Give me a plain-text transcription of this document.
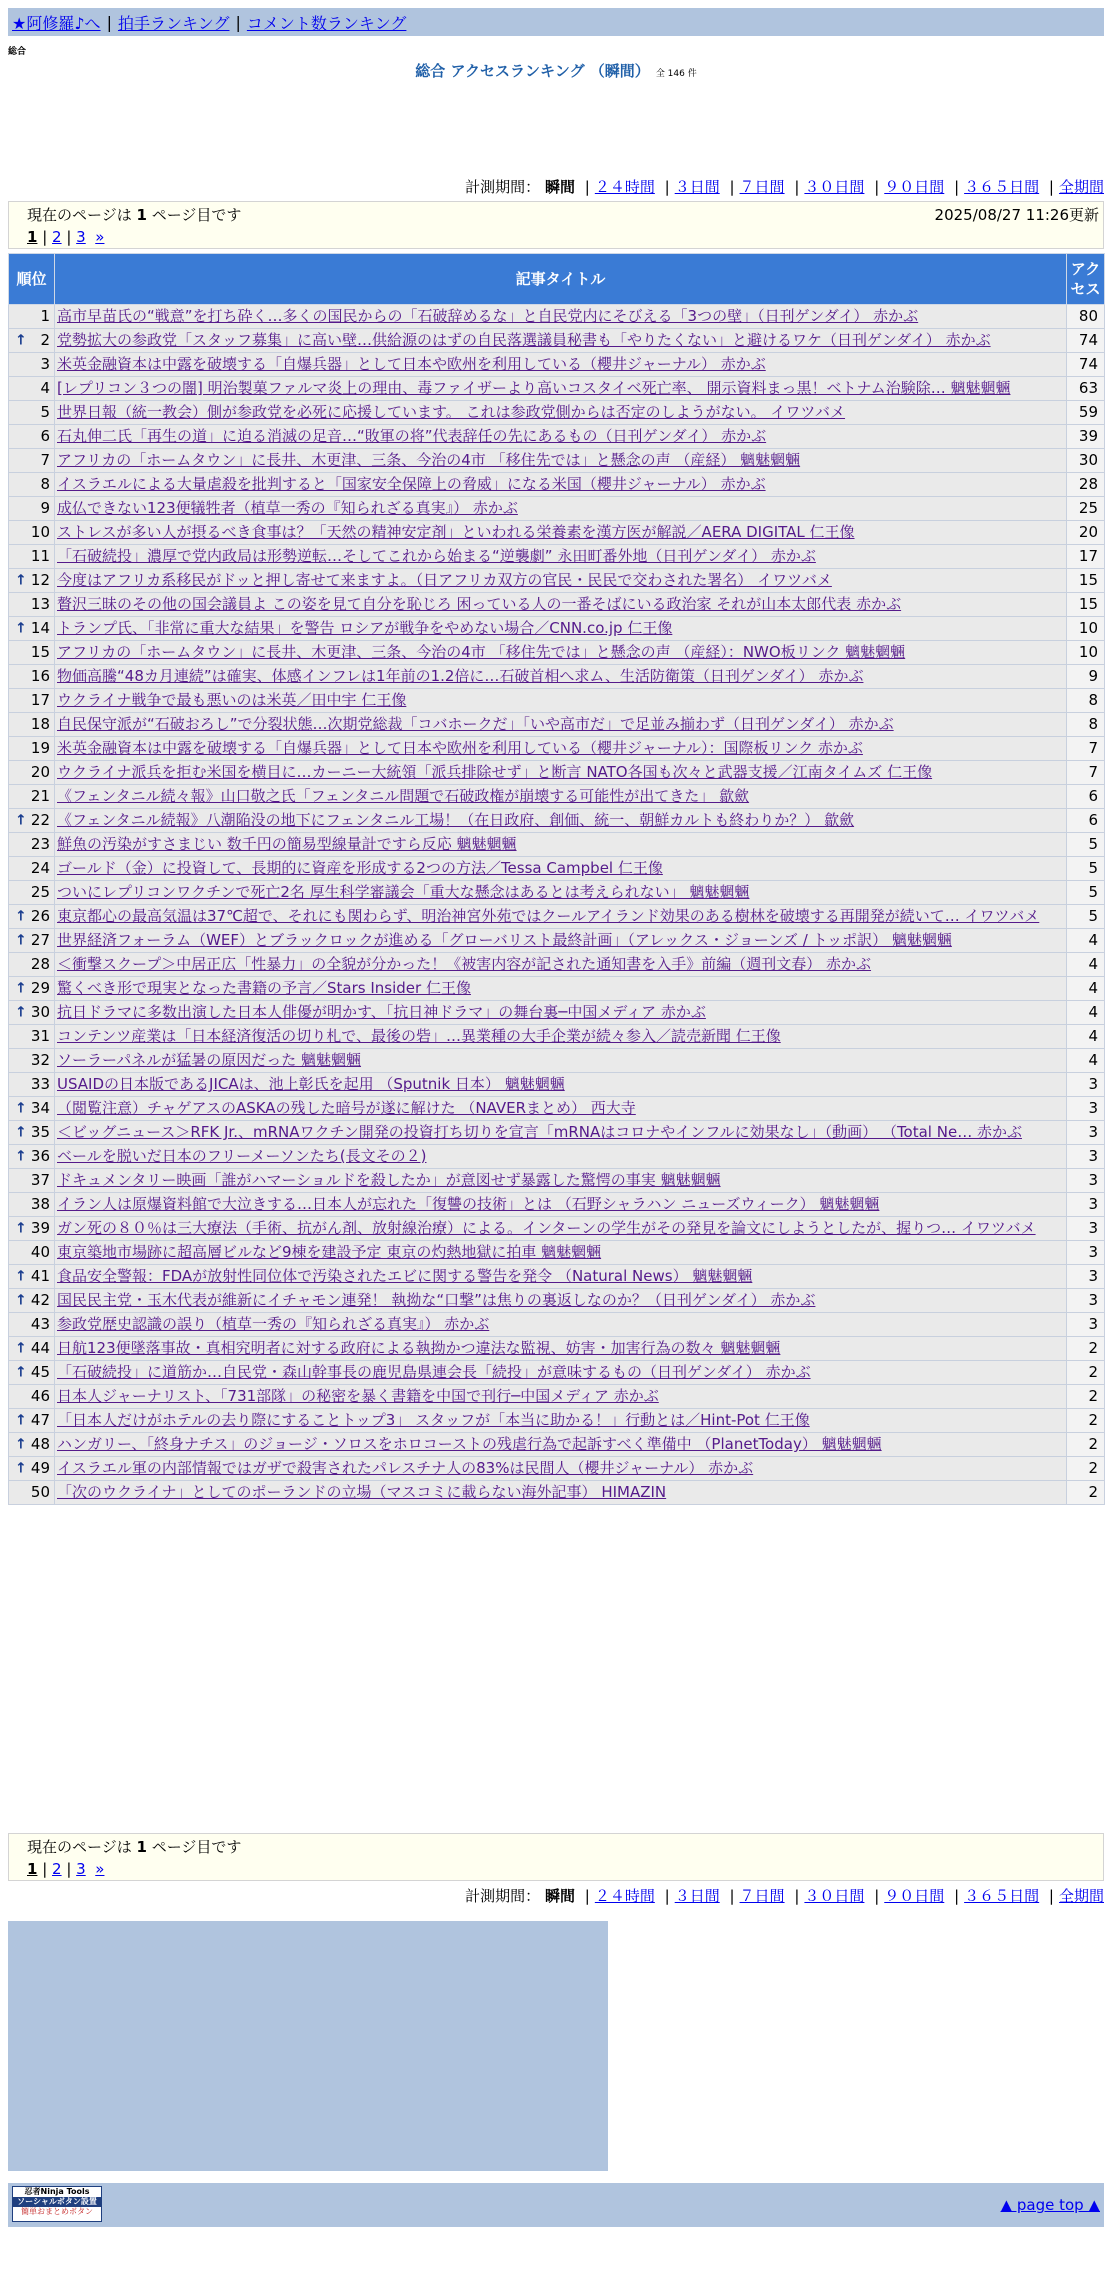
★阿修羅♪へ | 拍手ランキング | コメント数ランキング
総合
総合 アクセスランキング （瞬間） 全 146 件
計測期間： 瞬間 | ２４時間 | ３日間 | ７日間 | ３０日間 | ９０日間 | ３６５日間 | 全期間
現在のページは 1 ページ目です	2025/08/27 11:26更新
1 | 2 | 3 »
順位	記事タイトル	アクセス
1	高市早苗氏の“戦意”を打ち砕く…多くの国民からの「石破辞めるな」と自民党内にそびえる「3つの壁」（日刊ゲンダイ） 赤かぶ	80

↑ 2	党勢拡大の参政党「スタッフ募集」に高い壁…供給源のはずの自民落選議員秘書も「やりたくない」と避けるワケ（日刊ゲンダイ） 赤かぶ	74
3	米英金融資本は中露を破壊する「自爆兵器」として日本や欧州を利用している（櫻井ジャーナル） 赤かぶ	74
4	[レプリコン３つの闇] 明治製菓ファルマ炎上の理由、毒ファイザーより高いコスタイベ死亡率、 開示資料まっ黒！ベトナム治験除… 魑魅魍魎	63
5	世界日報（統一教会）側が参政党を必死に応援しています。 これは参政党側からは否定のしようがない。 イワツバメ	59
6	石丸伸二氏「再生の道」に迫る消滅の足音…“敗軍の将”代表辞任の先にあるもの（日刊ゲンダイ） 赤かぶ	39
7	アフリカの「ホームタウン」に長井、木更津、三条、今治の4市 「移住先では」と懸念の声 （産経） 魑魅魍魎	30
8	イスラエルによる大量虐殺を批判すると「国家安全保障上の脅威」になる米国（櫻井ジャーナル） 赤かぶ	28
9	成仏できない123便犠牲者（植草一秀の『知られざる真実』） 赤かぶ	25
10	ストレスが多い人が摂るべき食事は？「天然の精神安定剤」といわれる栄養素を漢方医が解説／AERA DIGITAL 仁王像	20
11	「石破続投」濃厚で党内政局は形勢逆転…そしてこれから始まる“逆襲劇” 永田町番外地（日刊ゲンダイ） 赤かぶ	17

↑ 12	今度はアフリカ系移民がドッと押し寄せて来ますよ。（日アフリカ双方の官民・民民で交わされた署名） イワツバメ	15
13	贅沢三昧のその他の国会議員よ この姿を見て自分を恥じろ 困っている人の一番そばにいる政治家 それが山本太郎代表 赤かぶ	15

↑ 14	トランプ氏、「非常に重大な結果」を警告 ロシアが戦争をやめない場合／CNN.co.jp 仁王像	10
15	アフリカの「ホームタウン」に長井、木更津、三条、今治の4市 「移住先では」と懸念の声 （産経）：NWO板リンク 魑魅魍魎	10
16	物価高騰“48カ月連続”は確実、体感インフレは1年前の1.2倍に…石破首相へ求ム、生活防衛策（日刊ゲンダイ） 赤かぶ	9
17	ウクライナ戦争で最も悪いのは米英／田中宇 仁王像	8
18	自民保守派が“石破おろし”で分裂状態…次期党総裁「コバホークだ」「いや高市だ」で足並み揃わず（日刊ゲンダイ） 赤かぶ	8
19	米英金融資本は中露を破壊する「自爆兵器」として日本や欧州を利用している（櫻井ジャーナル）：国際板リンク 赤かぶ	7
20	ウクライナ派兵を拒む米国を横目に…カーニー大統領「派兵排除せず」と断言 NATO各国も次々と武器支援／江南タイムズ 仁王像	7
21	《フェンタニル続々報》山口敬之氏「フェンタニル問題で石破政権が崩壊する可能性が出てきた」 歙歛	6

↑ 22	《フェンタニル続報》八潮陥没の地下にフェンタニル工場！（在日政府、創価、統一、朝鮮カルトも終わりか？） 歙歛	6
23	鮮魚の汚染がすさまじい 数千円の簡易型線量計ですら反応 魑魅魍魎	5
24	ゴールド（金）に投資して、長期的に資産を形成する2つの方法／Tessa Campbel 仁王像	5
25	ついにレプリコンワクチンで死亡2名 厚生科学審議会「重大な懸念はあるとは考えられない」 魑魅魍魎	5

↑ 26	東京都心の最高気温は37℃超で、それにも関わらず、明治神宮外苑ではクールアイランド効果のある樹林を破壊する再開発が続いて… イワツバメ	5

↑ 27	世界経済フォーラム（WEF）とブラックロックが進める「グローバリスト最終計画」（アレックス・ジョーンズ / トッポ訳） 魑魅魍魎	4
28	＜衝撃スクープ＞中居正広「性暴力」の全貌が分かった！《被害内容が記された通知書を入手》前編（週刊文春） 赤かぶ	4

↑ 29	驚くべき形で現実となった書籍の予言／Stars Insider 仁王像	4

↑ 30	抗日ドラマに多数出演した日本人俳優が明かす、「抗日神ドラマ」の舞台裏─中国メディア 赤かぶ	4
31	コンテンツ産業は「日本経済復活の切り札で、最後の砦」…異業種の大手企業が続々参入／読売新聞 仁王像	4
32	ソーラーパネルが猛暑の原因だった 魑魅魍魎	4
33	USAIDの日本版であるJICAは、池上彰氏を起用 （Sputnik 日本） 魑魅魍魎	3

↑ 34	（閲覧注意）チャゲアスのASKAの残した暗号が遂に解けた （NAVERまとめ） 西大寺	3

↑ 35	＜ビッグニュース＞RFK Jr.、mRNAワクチン開発の投資打ち切りを宣言「mRNAはコロナやインフルに効果なし」（動画） （Total Ne… 赤かぶ	3

↑ 36	ベールを脱いだ日本のフリーメーソンたち(長文その２)	3
37	ドキュメンタリー映画「誰がハマーショルドを殺したか」が意図せず暴露した驚愕の事実 魑魅魍魎	3
38	イラン人は原爆資料館で大泣きする…日本人が忘れた「復讐の技術」とは （石野シャラハン ニューズウィーク） 魑魅魍魎	3

↑ 39	ガン死の８０％は三大療法（手術、抗がん剤、放射線治療）による。インターンの学生がその発見を論文にしようとしたが、握りつ… イワツバメ	3
40	東京築地市場跡に超高層ビルなど9棟を建設予定 東京の灼熱地獄に拍車 魑魅魍魎	3

↑ 41	食品安全警報：FDAが放射性同位体で汚染されたエビに関する警告を発令 （Natural News） 魑魅魍魎	3

↑ 42	国民民主党・玉木代表が維新にイチャモン連発！ 執拗な“口撃”は焦りの裏返しなのか？（日刊ゲンダイ） 赤かぶ	3
43	参政党歴史認識の誤り（植草一秀の『知られざる真実』） 赤かぶ	3

↑ 44	日航123便墜落事故・真相究明者に対する政府による執拗かつ違法な監視、妨害・加害行為の数々 魑魅魍魎	2

↑ 45	「石破続投」に道筋か…自民党・森山幹事長の鹿児島県連会長「続投」が意味するもの（日刊ゲンダイ） 赤かぶ	2
46	日本人ジャーナリスト、「731部隊」の秘密を暴く書籍を中国で刊行─中国メディア 赤かぶ	2

↑ 47	「日本人だけがホテルの去り際にすることトップ3」 スタッフが「本当に助かる！」行動とは／Hint-Pot 仁王像	2

↑ 48	ハンガリー、「終身ナチス」のジョージ・ソロスをホロコーストの残虐行為で起訴すべく準備中 （PlanetToday） 魑魅魍魎	2

↑ 49	イスラエル軍の内部情報ではガザで殺害されたパレスチナ人の83%は民間人（櫻井ジャーナル） 赤かぶ	2
50	「次のウクライナ」としてのポーランドの立場（マスコミに載らない海外記事） HIMAZIN	2
現在のページは 1 ページ目です
1 | 2 | 3 »
計測期間： 瞬間 | ２４時間 | ３日間 | ７日間 | ３０日間 | ９０日間 | ３６５日間 | 全期間
忍者Ninja Tools
ソーシャルボタン設置
簡単おまとめボタン	▲ page top ▲
